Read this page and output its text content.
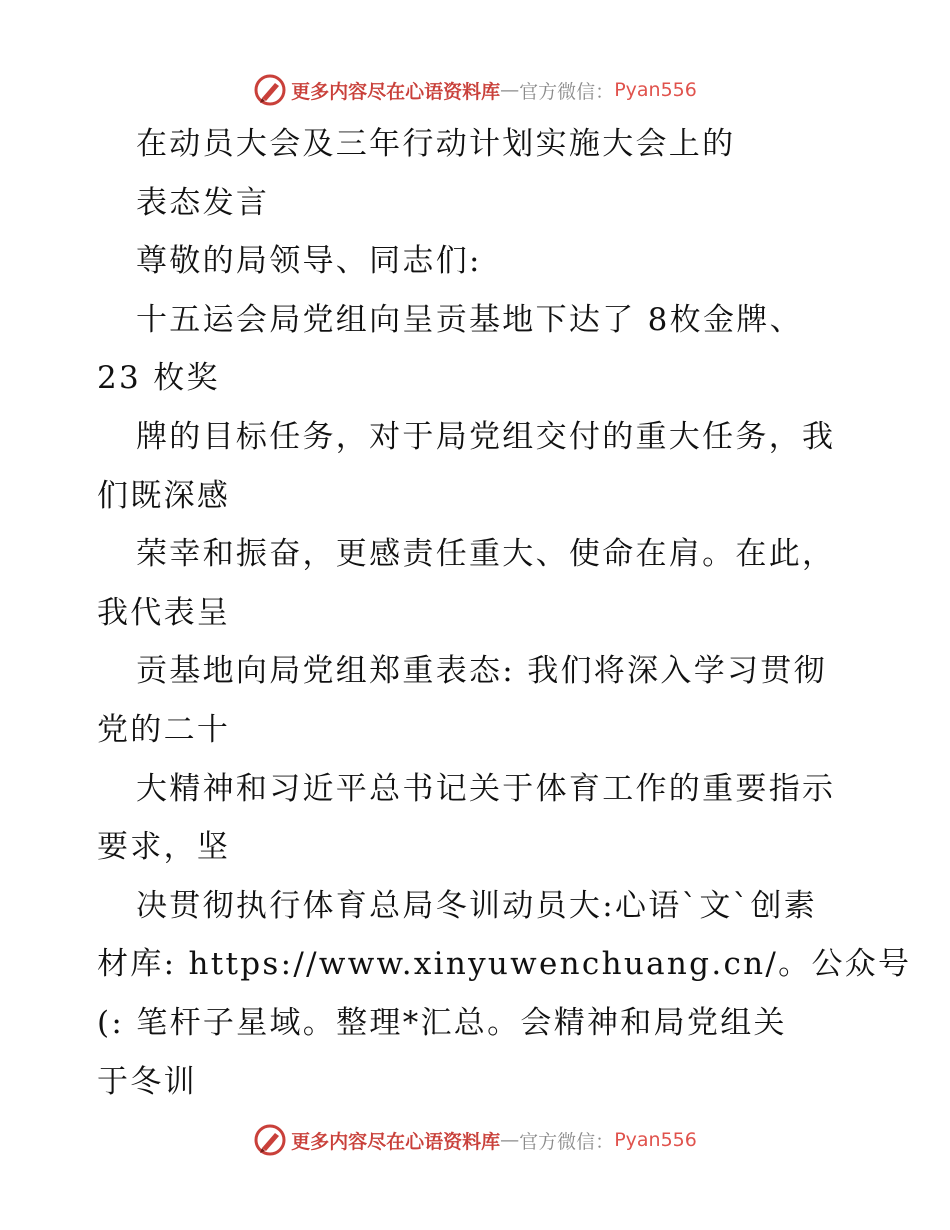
更多内容尽在心语资料库 — 官方微信： Pyan556
在动员大会及三年行动计划实施大会上的
表态发言
尊敬的局领导、同志们:
十五运会局党组向呈贡基地下达了 8枚金牌、
23 枚奖
牌的目标任务，对于局党组交付的重大任务，我
们既深感
荣幸和振奋，更感责任重大、使命在肩。在此，
我代表呈
贡基地向局党组郑重表态: 我们将深入学习贯彻
党的二十
大精神和习近平总书记关于体育工作的重要指示
要求，坚
决贯彻执行体育总局冬训动员大:心语`文`创素
材库: https://www.xinyuwenchuang.cn/。公众号
(: 笔杆子星域。整理*汇总。会精神和局党组关
于冬训
更多内容尽在心语资料库 — 官方微信： Pyan556
